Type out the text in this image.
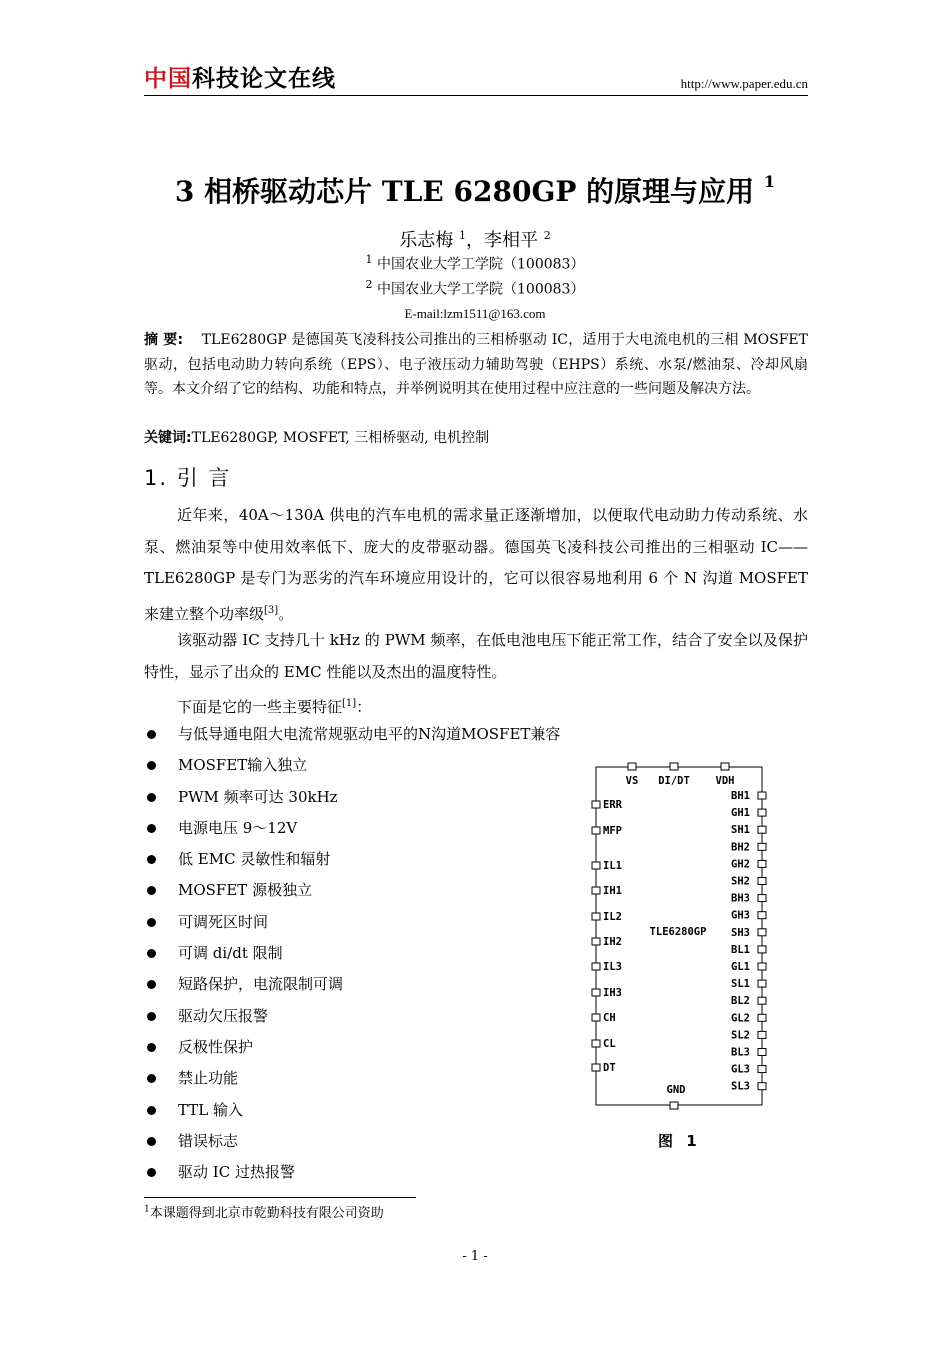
中国科技论文在线	http://www.paper.edu.cn
3 相桥驱动芯片 TLE 6280GP 的原理与应用 $^1$
乐志梅 $^1$，李相平 $^2$
$^1$ 中国农业大学工学院（100083）
$^2$ 中国农业大学工学院（100083）
E-mail:lzm1511@163.com
摘 要: TLE6280GP 是德国英飞凌科技公司推出的三相桥驱动 IC，适用于大电流电机的三相 MOSFET 驱动，包括电动助力转向系统（EPS）、电子液压动力辅助驾驶（EHPS）系统、水泵/燃油泵、冷却风扇等。本文介绍了它的结构、功能和特点，并举例说明其在使用过程中应注意的一些问题及解决方法。
关键词:TLE6280GP, MOSFET, 三相桥驱动, 电机控制
1. 引 言
近年来，40A～130A 供电的汽车电机的需求量正逐渐增加，以便取代电动助力传动系统、水泵、燃油泵等中使用效率低下、庞大的皮带驱动器。德国英飞凌科技公司推出的三相驱动 IC——TLE6280GP 是专门为恶劣的汽车环境应用设计的，它可以很容易地利用 6 个 N 沟道 MOSFET 来建立整个功率级[3]。
该驱动器 IC 支持几十 kHz 的 PWM 频率，在低电池电压下能正常工作，结合了安全以及保护特性，显示了出众的 EMC 性能以及杰出的温度特性。
下面是它的一些主要特征[1]：
与低导通电阻大电流常规驱动电平的N沟道MOSFET兼容
MOSFET输入独立
PWM 频率可达 30kHz
电源电压 9～12V
低 EMC 灵敏性和辐射
MOSFET 源极独立
可调死区时间
可调 di/dt 限制
短路保护，电流限制可调
驱动欠压报警
反极性保护
禁止功能
TTL 输入
错误标志
驱动 IC 过热报警
TLE6280GP
VS DI/DT VDH
ERR
MFP
IL1
IH1
IL2
IH2
IL3
IH3
CH
CL
DT
BH1
GH1
SH1
BH2
GH2
SH2
BH3
GH3
SH3
BL1
GL1
SL1
BL2
GL2
SL2
BL3
GL3
SL3
GND
图 1
$^1$本课题得到北京市乾勤科技有限公司资助
- 1 -
